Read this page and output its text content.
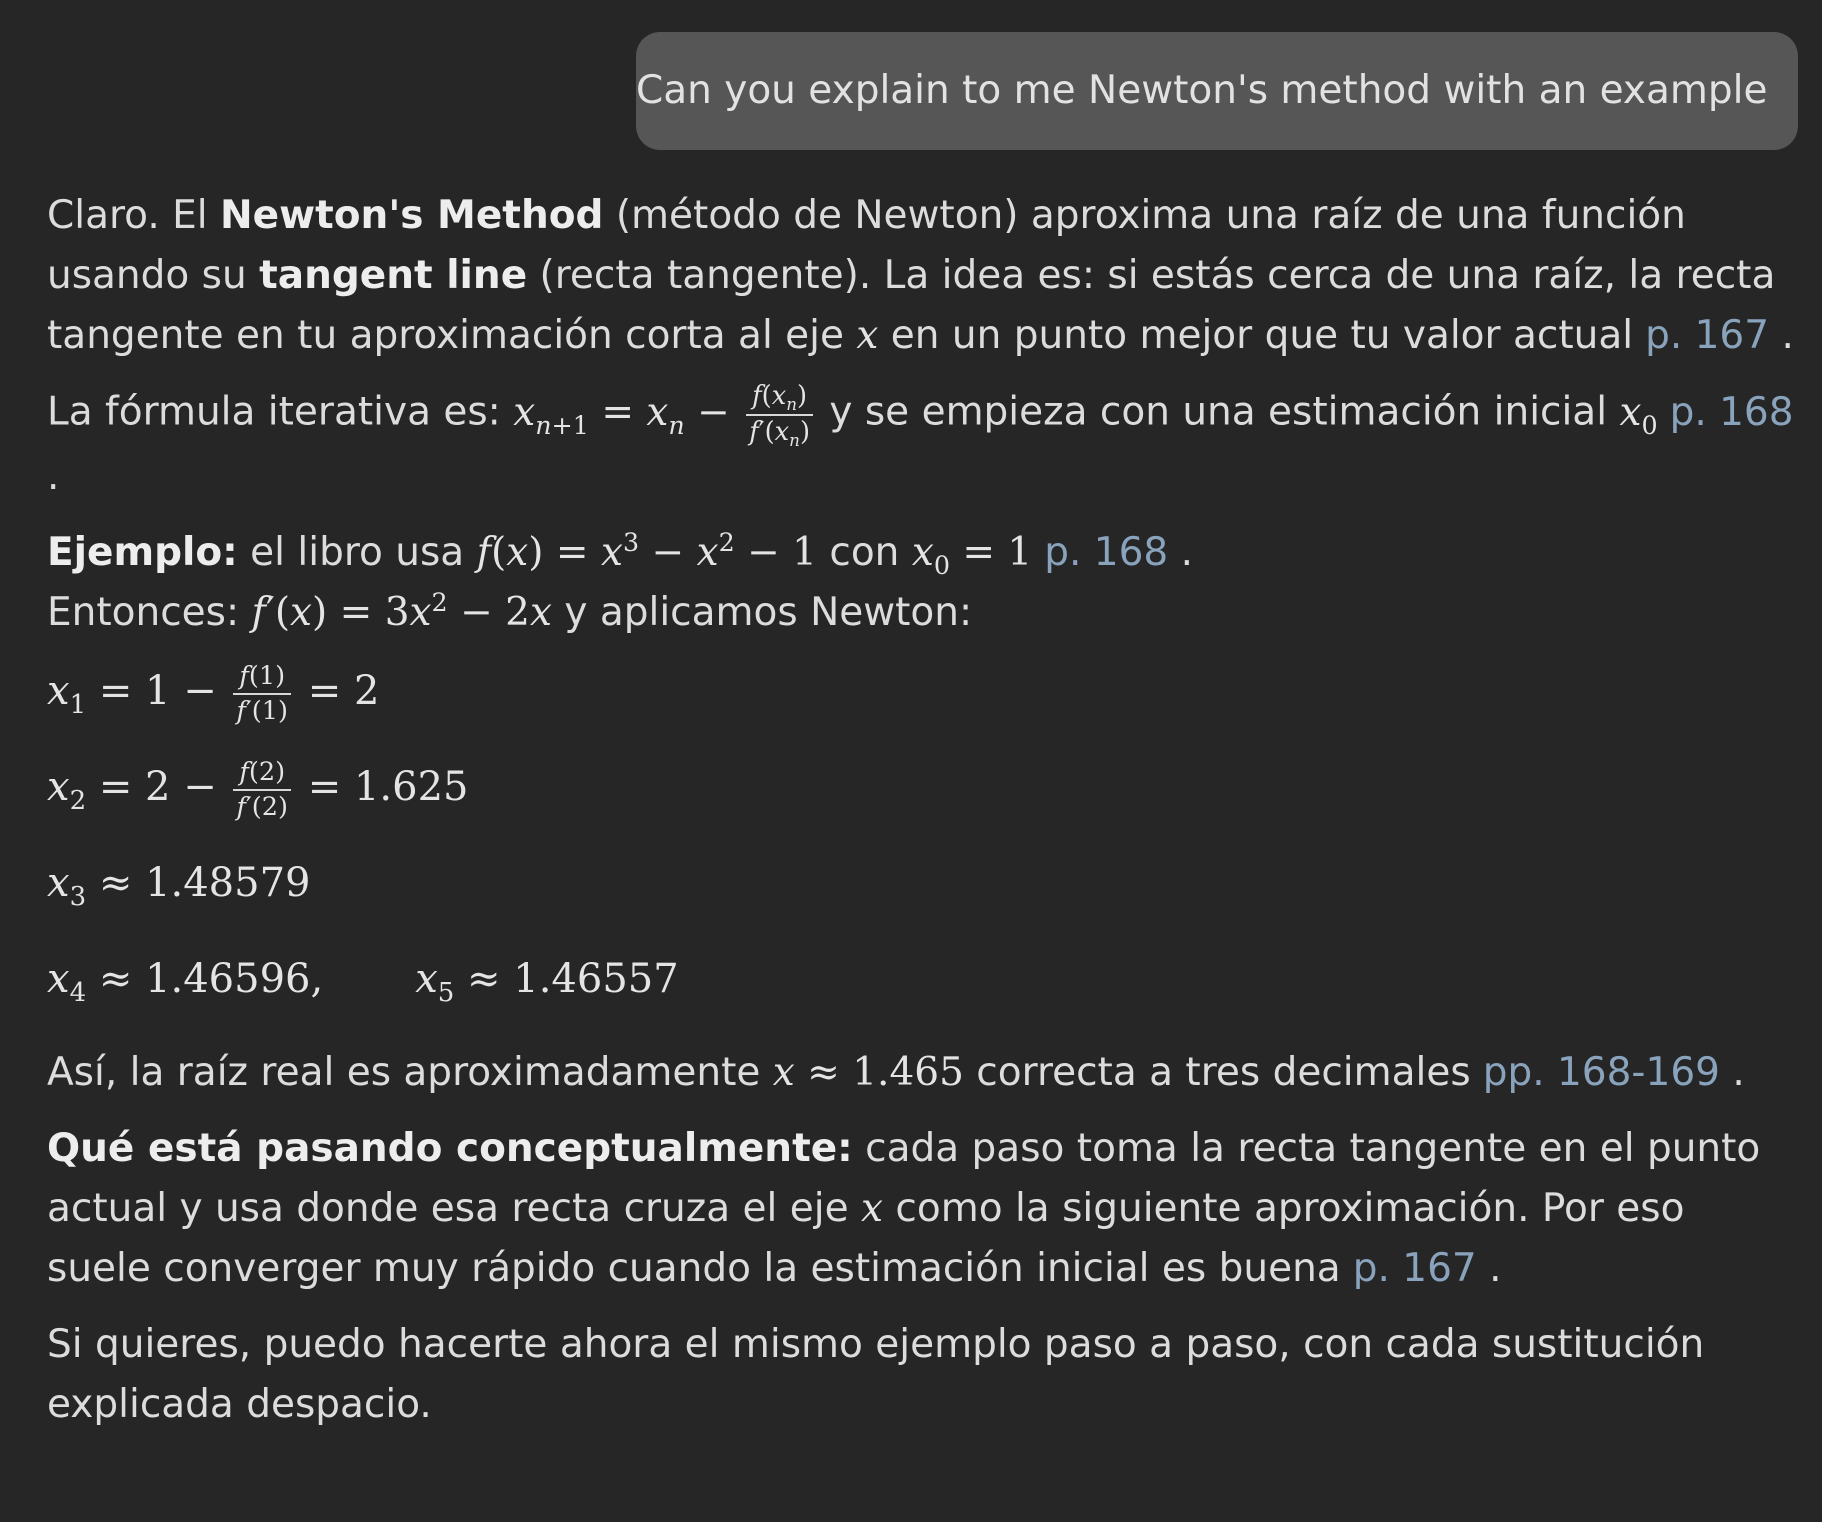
Can you explain to me Newton's method with an example

Claro. El Newton's Method (método de Newton) aproxima una raíz de una función usando su tangent line (recta tangente). La idea es: si estás cerca de una raíz, la recta tangente en tu aproximación corta al eje x en un punto mejor que tu valor actual p. 167 .

La fórmula iterativa es: $x_{n+1} = x_n - \frac{f(x_n)}{f'(x_n)}$ y se empieza con una estimación inicial $x_0$ p. 168 .

Ejemplo: el libro usa $f(x) = x^3 - x^2 - 1$ con $x_0 = 1$ p. 168 .
Entonces: $f'(x) = 3x^2 - 2x$ y aplicamos Newton:

$x_1 = 1 - \frac{f(1)}{f'(1)} = 2$
$x_2 = 2 - \frac{f(2)}{f'(2)} = 1.625$
$x_3 \approx 1.48579$
$x_4 \approx 1.46596$, $x_5 \approx 1.46557$

Así, la raíz real es aproximadamente x ≈ 1.465 correcta a tres decimales pp. 168-169 .

Qué está pasando conceptualmente: cada paso toma la recta tangente en el punto actual y usa donde esa recta cruza el eje x como la siguiente aproximación. Por eso suele converger muy rápido cuando la estimación inicial es buena p. 167 .

Si quieres, puedo hacerte ahora el mismo ejemplo paso a paso, con cada sustitución explicada despacio.
